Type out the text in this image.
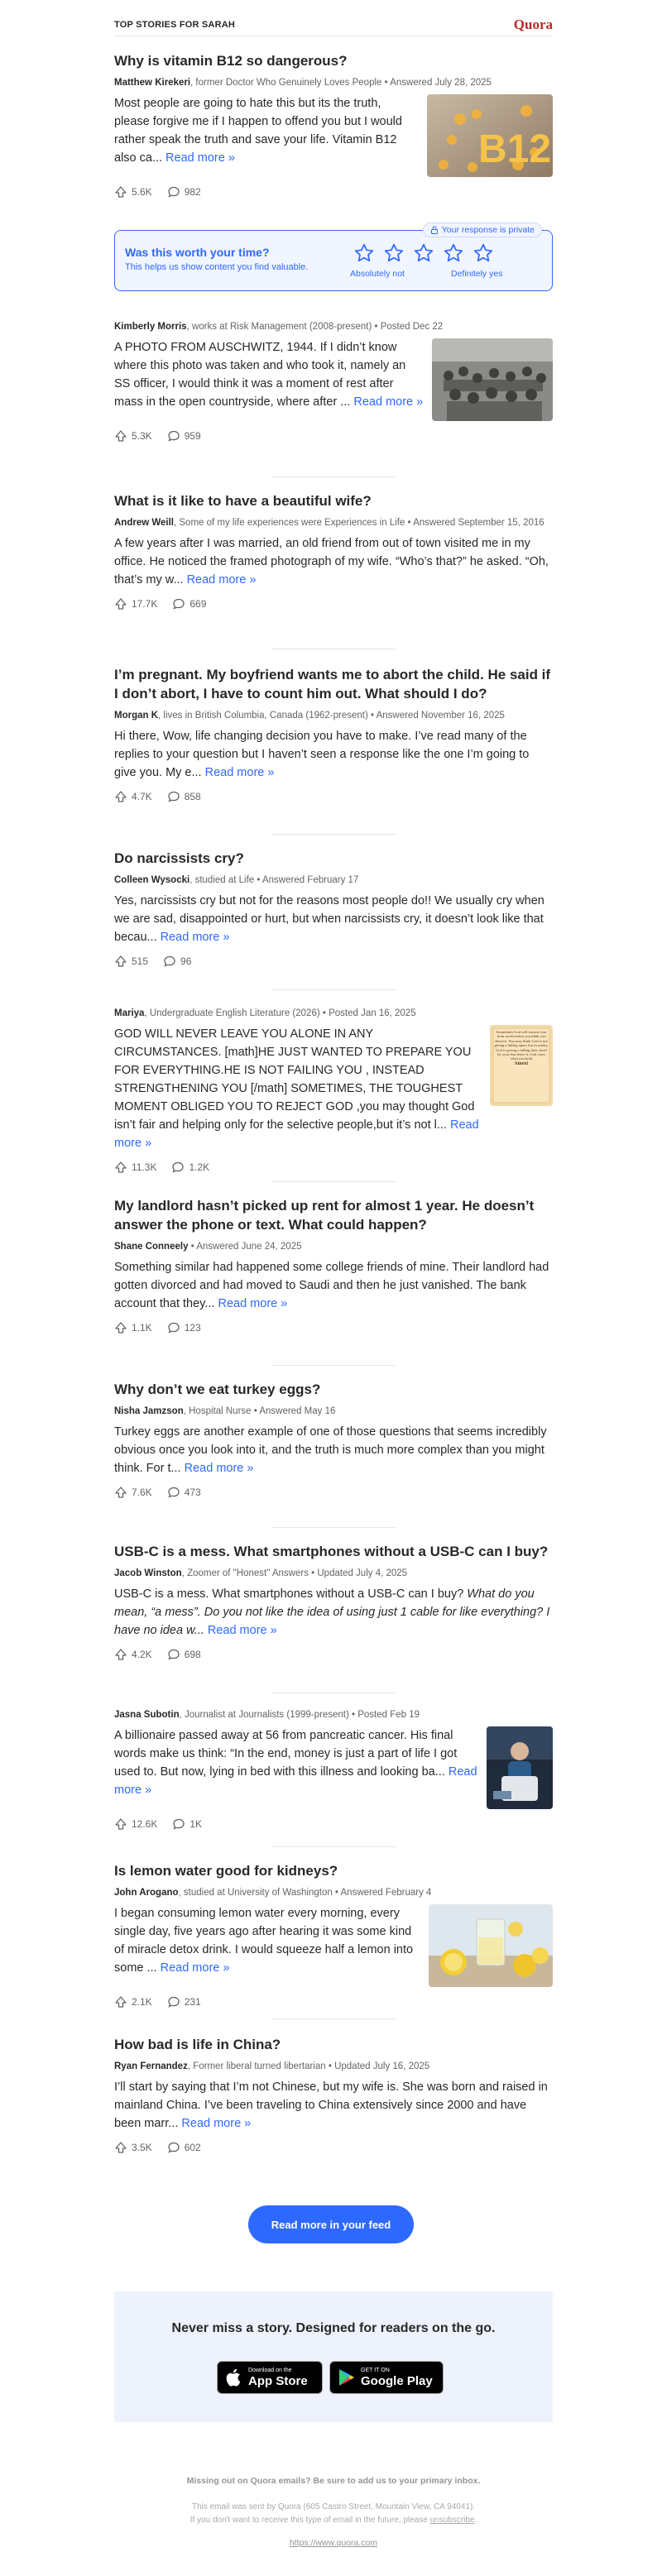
TOP STORIES FOR SARAH	Quora
Why is vitamin B12 so dangerous?
Matthew Kirekeri, former Doctor Who Genuinely Loves People • Answered July 28, 2025
Most people are going to hate this but its the truth, please forgive me if I happen to offend you but I would rather speak the truth and save your life. Vitamin B12 also ca... Read more »	B12
5.6K	982
Your response is private
Was this worth your time?
This helps us show content you find valuable.
Absolutely not	Definitely yes
Kimberly Morris, works at Risk Management (2008-present) • Posted Dec 22
A PHOTO FROM AUSCHWITZ, 1944. If I didn’t know where this photo was taken and who took it, namely an SS officer, I would think it was a moment of rest after mass in the open countryside, where after ... Read more »
5.3K	959
What is it like to have a beautiful wife?
Andrew Weill, Some of my life experiences were Experiences in Life • Answered September 15, 2016
A few years after I was married, an old friend from out of town visited me in my office. He noticed the framed photograph of my wife. “Who’s that?” he asked. “Oh, that’s my w... Read more »
17.7K	669
I’m pregnant. My boyfriend wants me to abort the child. He said if I don’t abort, I have to count him out. What should I do?
Morgan K, lives in British Columbia, Canada (1962-present) • Answered November 16, 2025
Hi there, Wow, life changing decision you have to make. I’ve read many of the replies to your question but I haven’t seen a response like the one I’m going to give you. My e... Read more »
4.7K	858
Do narcissists cry?
Colleen Wysocki, studied at Life • Answered February 17
Yes, narcissists cry but not for the reasons most people do!! We usually cry when we are sad, disappointed or hurt, but when narcissists cry, it doesn’t look like that becau... Read more »
515	96
Mariya, Undergraduate English Literature (2026) • Posted Jan 16, 2025
GOD WILL NEVER LEAVE YOU ALONE IN ANY CIRCUMSTANCES. [math]HE JUST WANTED TO PREPARE YOU FOR EVERYTHING.HE IS NOT FAILING YOU , INSTEAD STRENGTHENING YOU [/math] SOMETIMES, THE TOUGHEST MOMENT OBLIGED YOU TO REJECT GOD ,you may thought God isn’t fair and helping only for the selective people,but it’s not l... Read more »
Sometimes God will remove you from an elevation you think you deserve. You may think God is not giving a falling apart, but in reality, God is giving a falling door, don't let your fear leave it. God cares what you hold
Amen!
11.3K	1.2K
My landlord hasn’t picked up rent for almost 1 year. He doesn’t answer the phone or text. What could happen?
Shane Conneely • Answered June 24, 2025
Something similar had happened some college friends of mine. Their landlord had gotten divorced and had moved to Saudi and then he just vanished. The bank account that they... Read more »
1.1K	123
Why don’t we eat turkey eggs?
Nisha Jamzson, Hospital Nurse • Answered May 16
Turkey eggs are another example of one of those questions that seems incredibly obvious once you look into it, and the truth is much more complex than you might think. For t... Read more »
7.6K	473
USB-C is a mess. What smartphones without a USB-C can I buy?
Jacob Winston, Zoomer of "Honest" Answers • Updated July 4, 2025
USB-C is a mess. What smartphones without a USB-C can I buy? What do you mean, “a mess”. Do you not like the idea of using just 1 cable for like everything? I have no idea w... Read more »
4.2K	698
Jasna Subotin, Journalist at Journalists (1999-present) • Posted Feb 19
A billionaire passed away at 56 from pancreatic cancer. His final words make us think: “In the end, money is just a part of life I got used to. But now, lying in bed with this illness and looking ba... Read more »
12.6K	1K
Is lemon water good for kidneys?
John Arogano, studied at University of Washington • Answered February 4
I began consuming lemon water every morning, every single day, five years ago after hearing it was some kind of miracle detox drink. I would squeeze half a lemon into some ... Read more »
2.1K	231
How bad is life in China?
Ryan Fernandez, Former liberal turned libertarian • Updated July 16, 2025
I’ll start by saying that I’m not Chinese, but my wife is. She was born and raised in mainland China. I’ve been traveling to China extensively since 2000 and have been marr... Read more »
3.5K	602
Read more in your feed
Never miss a story. Designed for readers on the go.
Download on the
App Store
GET IT ON
Google Play
Missing out on Quora emails? Be sure to add us to your primary inbox.
This email was sent by Quora (605 Castro Street, Mountain View, CA 94041).
If you don't want to receive this type of email in the future, please unsubscribe.
https://www.quora.com
